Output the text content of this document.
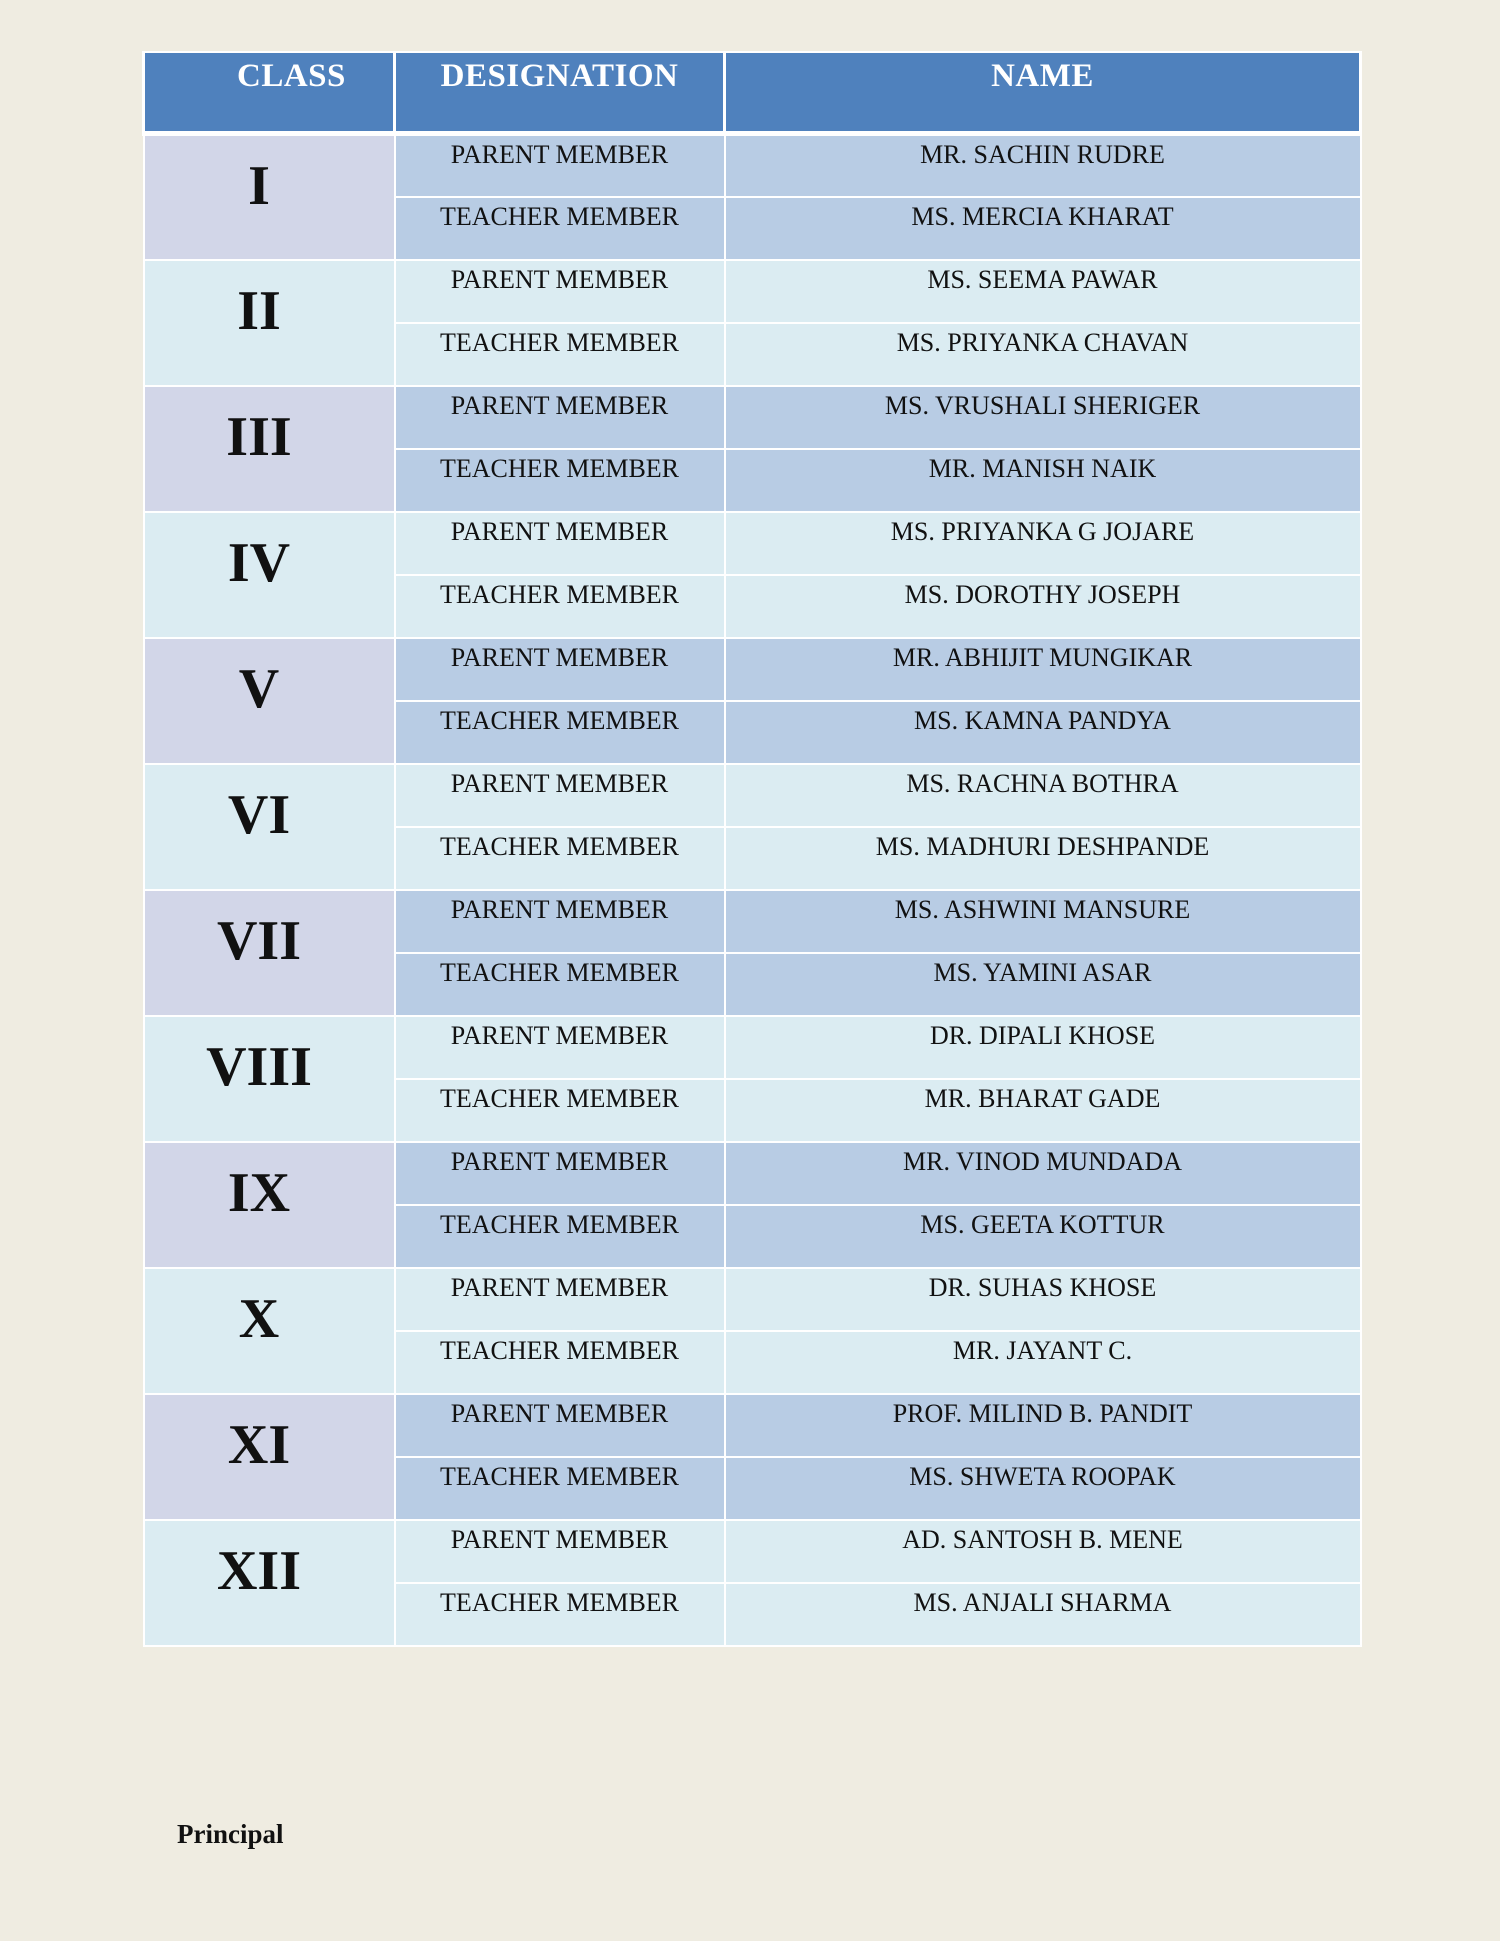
CLASS	DESIGNATION	NAME
I	PARENT MEMBER	MR. SACHIN RUDRE
	TEACHER MEMBER	MS. MERCIA KHARAT
II	PARENT MEMBER	MS. SEEMA PAWAR
	TEACHER MEMBER	MS. PRIYANKA CHAVAN
III	PARENT MEMBER	MS. VRUSHALI SHERIGER
	TEACHER MEMBER	MR. MANISH NAIK
IV	PARENT MEMBER	MS. PRIYANKA G JOJARE
	TEACHER MEMBER	MS. DOROTHY JOSEPH
V	PARENT MEMBER	MR. ABHIJIT MUNGIKAR
	TEACHER MEMBER	MS. KAMNA PANDYA
VI	PARENT MEMBER	MS. RACHNA BOTHRA
	TEACHER MEMBER	MS. MADHURI DESHPANDE
VII	PARENT MEMBER	MS. ASHWINI MANSURE
	TEACHER MEMBER	MS. YAMINI ASAR
VIII	PARENT MEMBER	DR. DIPALI KHOSE
	TEACHER MEMBER	MR. BHARAT GADE
IX	PARENT MEMBER	MR. VINOD MUNDADA
	TEACHER MEMBER	MS. GEETA KOTTUR
X	PARENT MEMBER	DR. SUHAS KHOSE
	TEACHER MEMBER	MR. JAYANT C.
XI	PARENT MEMBER	PROF. MILIND B. PANDIT
	TEACHER MEMBER	MS. SHWETA ROOPAK
XII	PARENT MEMBER	AD. SANTOSH B. MENE
	TEACHER MEMBER	MS. ANJALI SHARMA
Principal
